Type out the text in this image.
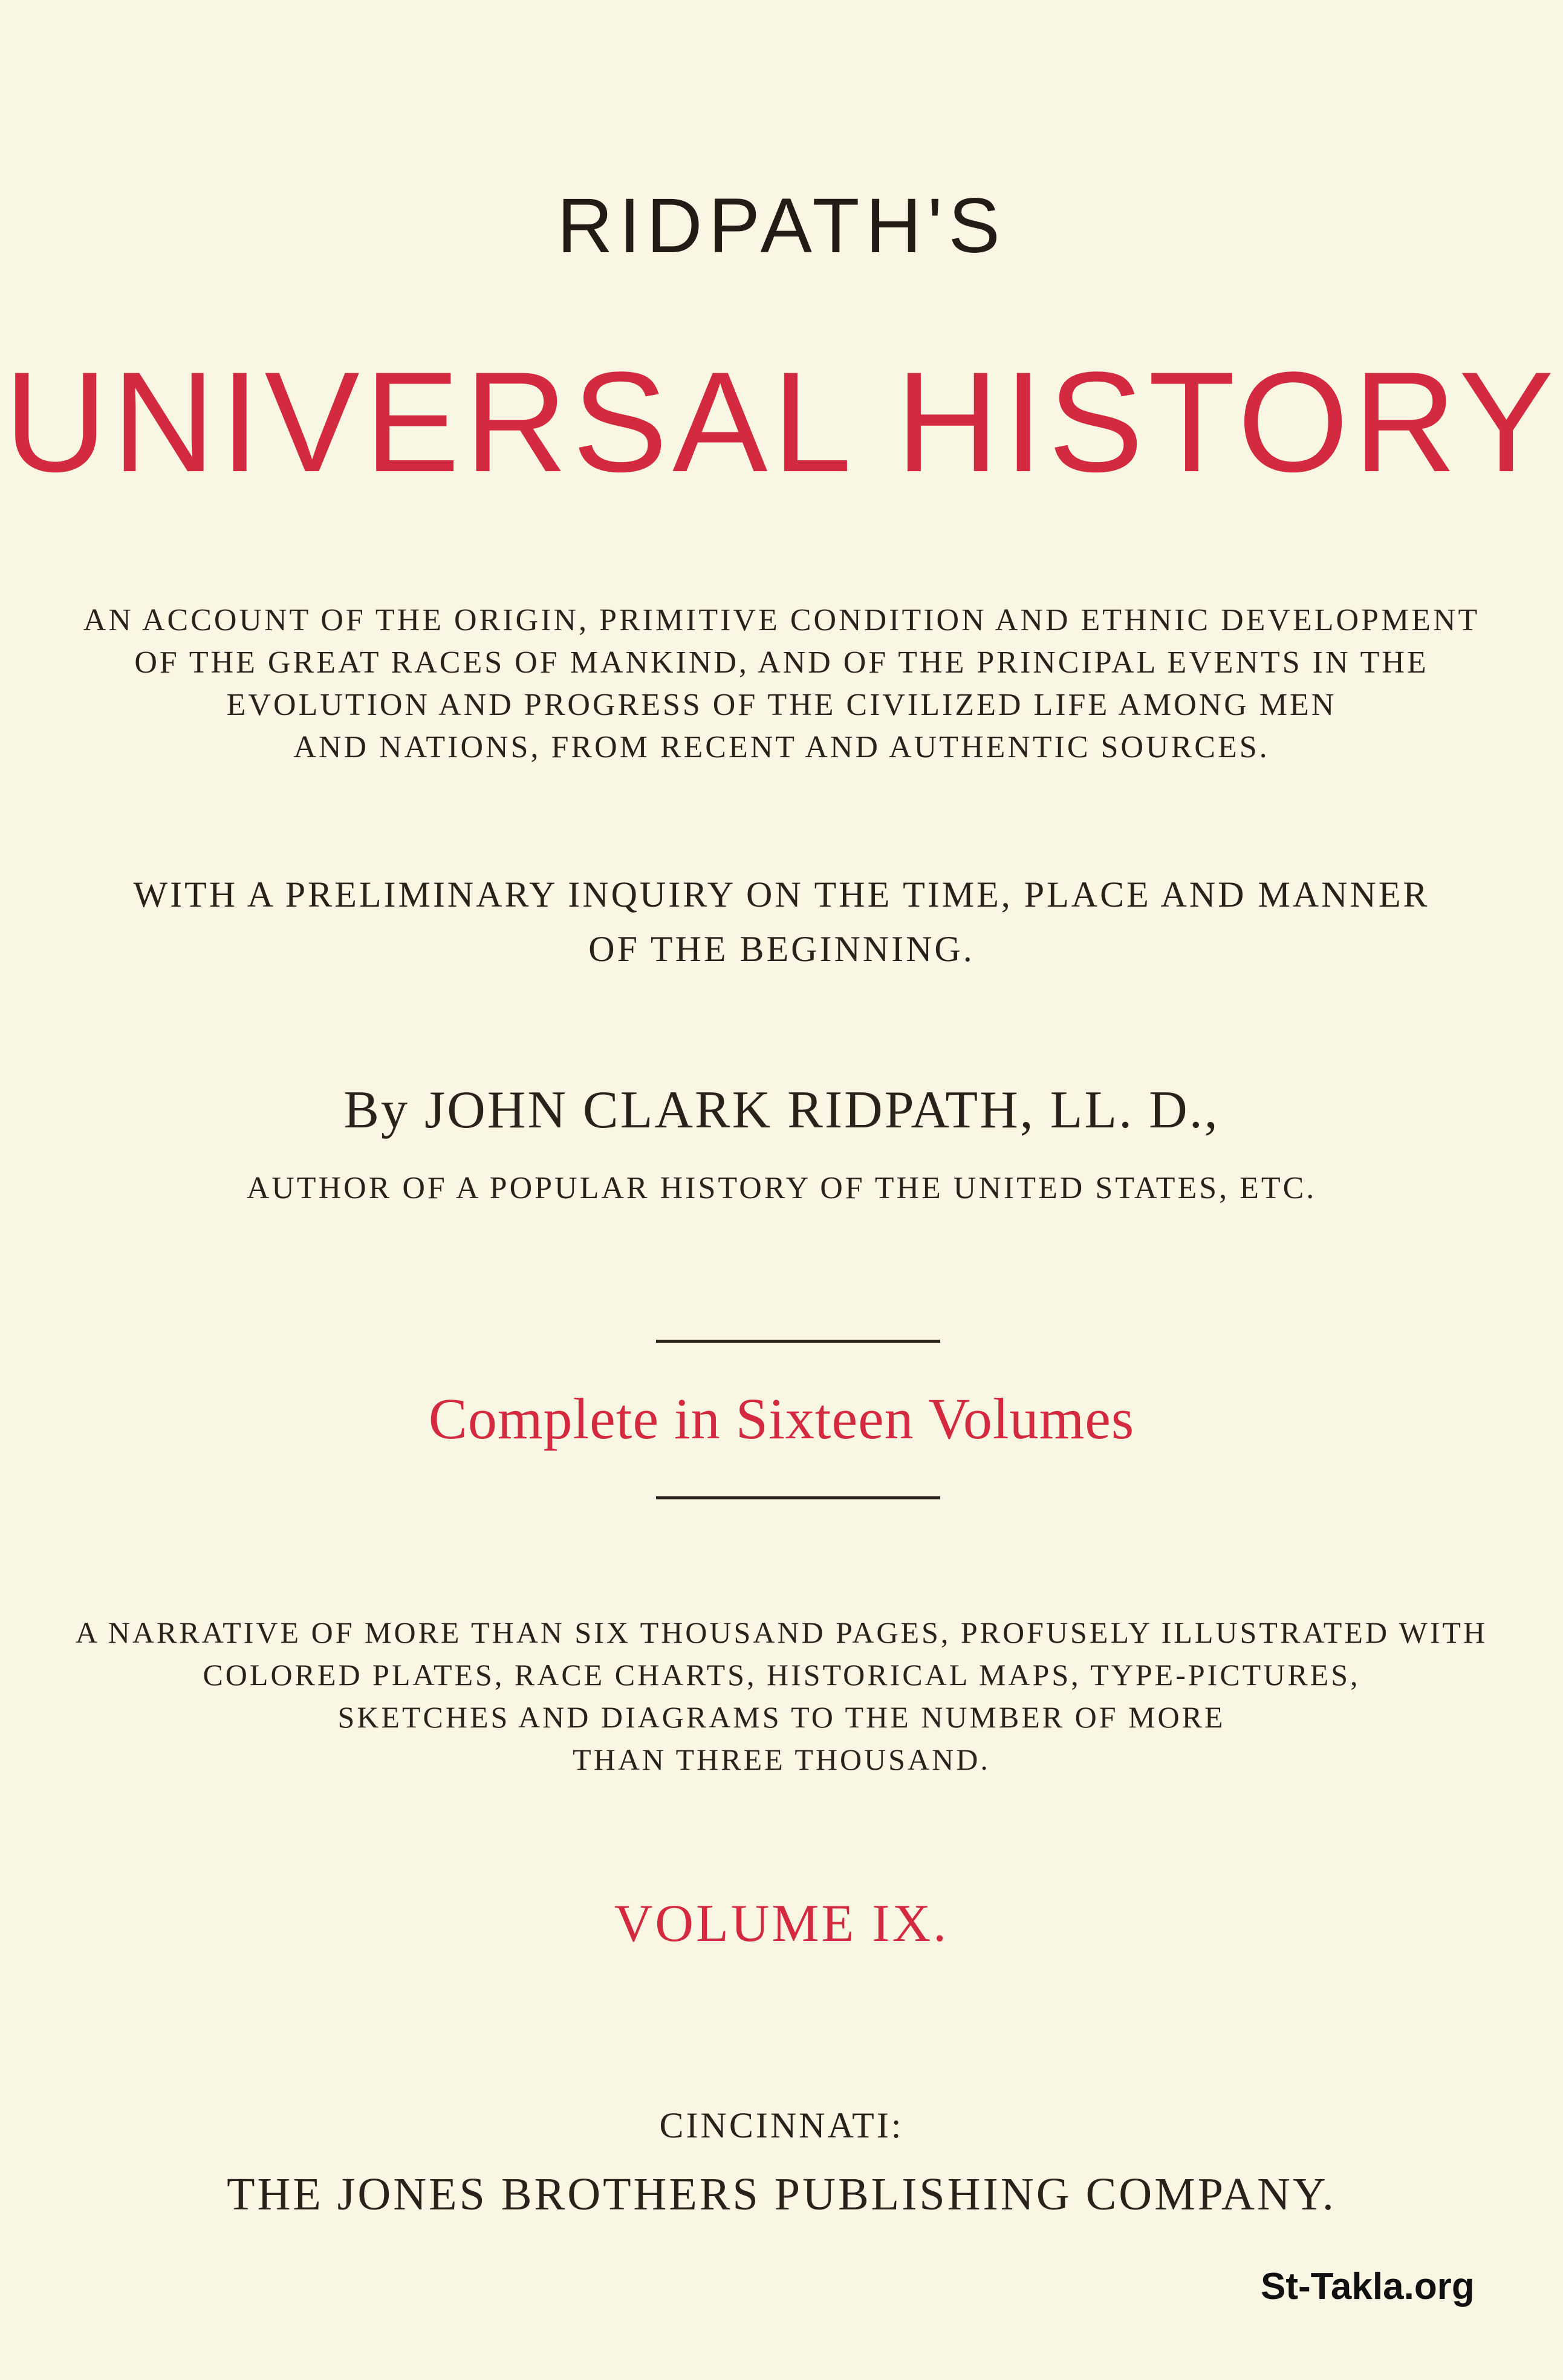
RIDPATH'S

UNIVERSAL HISTORY

AN ACCOUNT OF THE ORIGIN, PRIMITIVE CONDITION AND ETHNIC DEVELOPMENT

OF THE GREAT RACES OF MANKIND, AND OF THE PRINCIPAL EVENTS IN THE

EVOLUTION AND PROGRESS OF THE CIVILIZED LIFE AMONG MEN

AND NATIONS, FROM RECENT AND AUTHENTIC SOURCES.

WITH A PRELIMINARY INQUIRY ON THE TIME, PLACE AND MANNER

OF THE BEGINNING.

By JOHN CLARK RIDPATH, LL. D.,

AUTHOR OF A POPULAR HISTORY OF THE UNITED STATES, ETC.

Complete in Sixteen Volumes

A NARRATIVE OF MORE THAN SIX THOUSAND PAGES, PROFUSELY ILLUSTRATED WITH

COLORED PLATES, RACE CHARTS, HISTORICAL MAPS, TYPE-PICTURES,

SKETCHES AND DIAGRAMS TO THE NUMBER OF MORE

THAN THREE THOUSAND.

VOLUME IX.

CINCINNATI:

THE JONES BROTHERS PUBLISHING COMPANY.

St-Takla.org
